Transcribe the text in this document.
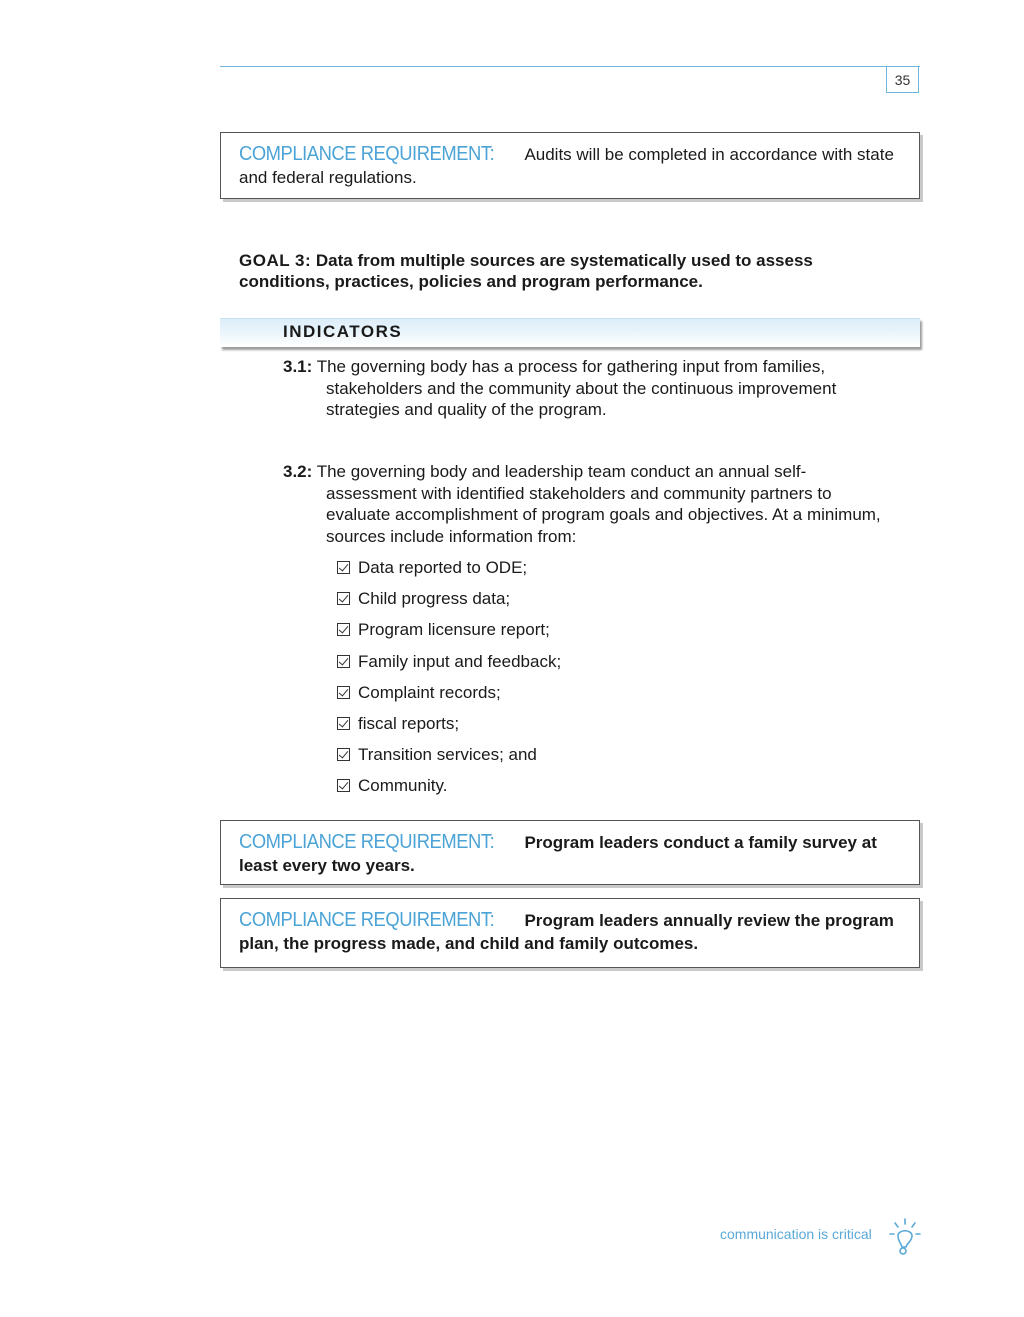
35
COMPLIANCE REQUIREMENT: Audits will be completed in accordance with state and federal regulations.
GOAL 3: Data from multiple sources are systematically used to assess conditions, practices, policies and program performance.
INDICATORS
3.1: The governing body has a process for gathering input from families, stakeholders and the community about the continuous improvement strategies and quality of the program.
3.2: The governing body and leadership team conduct an annual self-assessment with identified stakeholders and community partners to evaluate accomplishment of program goals and objectives. At a minimum, sources include information from:
Data reported to ODE;
Child progress data;
Program licensure report;
Family input and feedback;
Complaint records;
fiscal reports;
Transition services; and
Community.
COMPLIANCE REQUIREMENT: Program leaders conduct a family survey at least every two years.
COMPLIANCE REQUIREMENT: Program leaders annually review the program plan, the progress made, and child and family outcomes.
communication is critical
